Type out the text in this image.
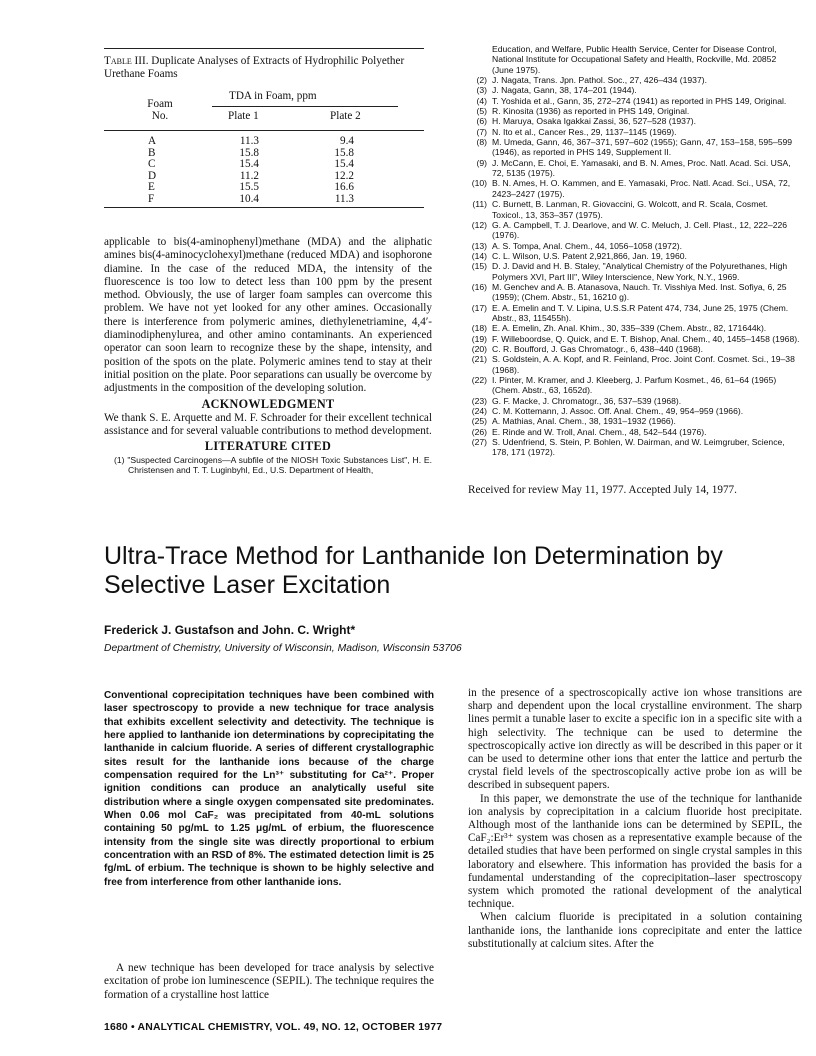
Table III. Duplicate Analyses of Extracts of Hydrophilic Polyether Urethane Foams

Foam
No.
TDA in Foam, ppm
Plate 1	Plate 2
A	11.3	9.4
B	15.8	15.8
C	15.4	15.4
D	11.2	12.2
E	15.5	16.6
F	10.4	11.3

applicable to bis(4-aminophenyl)methane (MDA) and the aliphatic amines bis(4-aminocyclohexyl)methane (reduced MDA) and isophorone diamine. In the case of the reduced MDA, the intensity of the fluorescence is too low to detect less than 100 ppm by the present method. Obviously, the use of larger foam samples can overcome this problem. We have not yet looked for any other amines. Occasionally there is interference from polymeric amines, diethylenetriamine, 4,4′-diaminodiphenylurea, and other amino contaminants. An experienced operator can soon learn to recognize these by the shape, intensity, and position of the spots on the plate. Polymeric amines tend to stay at their initial position on the plate. Poor separations can usually be overcome by adjustments in the composition of the developing solution.

ACKNOWLEDGMENT

We thank S. E. Arquette and M. F. Schroader for their excellent technical assistance and for several valuable contributions to method development.

LITERATURE CITED
(1) "Suspected Carcinogens—A subfile of the NIOSH Toxic Substances List", H. E. Christensen and T. T. Luginbyhl, Ed., U.S. Department of Health,
Education, and Welfare, Public Health Service, Center for Disease Control, National Institute for Occupational Safety and Health, Rockville, Md. 20852 (June 1975).
(2) J. Nagata, Trans. Jpn. Pathol. Soc., 27, 426–434 (1937).
(3) J. Nagata, Gann, 38, 174–201 (1944).
(4) T. Yoshida et al., Gann, 35, 272–274 (1941) as reported in PHS 149, Original.
(5) R. Kinosita (1936) as reported in PHS 149, Original.
(6) H. Maruya, Osaka Igakkai Zassi, 36, 527–528 (1937).
(7) N. Ito et al., Cancer Res., 29, 1137–1145 (1969).
(8) M. Umeda, Gann, 46, 367–371, 597–602 (1955); Gann, 47, 153–158, 595–599 (1946), as reported in PHS 149, Supplement II.
(9) J. McCann, E. Choi, E. Yamasaki, and B. N. Ames, Proc. Natl. Acad. Sci. USA, 72, 5135 (1975).
(10) B. N. Ames, H. O. Kammen, and E. Yamasaki, Proc. Natl. Acad. Sci., USA, 72, 2423–2427 (1975).
(11) C. Burnett, B. Lanman, R. Giovaccini, G. Wolcott, and R. Scala, Cosmet. Toxicol., 13, 353–357 (1975).
(12) G. A. Campbell, T. J. Dearlove, and W. C. Meluch, J. Cell. Plast., 12, 222–226 (1976).
(13) A. S. Tompa, Anal. Chem., 44, 1056–1058 (1972).
(14) C. L. Wilson, U.S. Patent 2,921,866, Jan. 19, 1960.
(15) D. J. David and H. B. Staley, "Analytical Chemistry of the Polyurethanes, High Polymers XVI, Part III", Wiley Interscience, New York, N.Y., 1969.
(16) M. Genchev and A. B. Atanasova, Nauch. Tr. Visshiya Med. Inst. Sofiya, 6, 25 (1959); (Chem. Abstr., 51, 16210 g).
(17) E. A. Emelin and T. V. Lipina, U.S.S.R Patent 474, 734, June 25, 1975 (Chem. Abstr., 83, 115455h).
(18) E. A. Emelin, Zh. Anal. Khim., 30, 335–339 (Chem. Abstr., 82, 171644k).
(19) F. Willeboordse, Q. Quick, and E. T. Bishop, Anal. Chem., 40, 1455–1458 (1968).
(20) C. R. Boufford, J. Gas Chromatogr., 6, 438–440 (1968).
(21) S. Goldstein, A. A. Kopf, and R. Feinland, Proc. Joint Conf. Cosmet. Sci., 19–38 (1968).
(22) I. Pinter, M. Kramer, and J. Kleeberg, J. Parfum Kosmet., 46, 61–64 (1965) (Chem. Abstr., 63, 1652d).
(23) G. F. Macke, J. Chromatogr., 36, 537–539 (1968).
(24) C. M. Kottemann, J. Assoc. Off. Anal. Chem., 49, 954–959 (1966).
(25) A. Mathias, Anal. Chem., 38, 1931–1932 (1966).
(26) E. Rinde and W. Troll, Anal. Chem., 48, 542–544 (1976).
(27) S. Udenfriend, S. Stein, P. Bohlen, W. Dairman, and W. Leimgruber, Science, 178, 171 (1972).
Received for review May 11, 1977. Accepted July 14, 1977.
Ultra-Trace Method for Lanthanide Ion Determination by Selective Laser Excitation
Frederick J. Gustafson and John. C. Wright*
Department of Chemistry, University of Wisconsin, Madison, Wisconsin 53706
Conventional coprecipitation techniques have been combined with laser spectroscopy to provide a new technique for trace analysis that exhibits excellent selectivity and detectivity. The technique is here applied to lanthanide ion determinations by coprecipitating the lanthanide in calcium fluoride. A series of different crystallographic sites result for the lanthanide ions because of the charge compensation required for the Ln³⁺ substituting for Ca²⁺. Proper ignition conditions can produce an analytically useful site distribution where a single oxygen compensated site predominates. When 0.06 mol CaF₂ was precipitated from 40-mL solutions containing 50 pg/mL to 1.25 μg/mL of erbium, the fluorescence intensity from the single site was directly proportional to erbium concentration with an RSD of 8%. The estimated detection limit is 25 fg/mL of erbium. The technique is shown to be highly selective and free from interference from other lanthanide ions.
A new technique has been developed for trace analysis by selective excitation of probe ion luminescence (SEPIL). The technique requires the formation of a crystalline host lattice

in the presence of a spectroscopically active ion whose transitions are sharp and dependent upon the local crystalline environment. The sharp lines permit a tunable laser to excite a specific ion in a specific site with a high selectivity. The technique can be used to determine the spectroscopically active ion directly as will be described in this paper or it can be used to determine other ions that enter the lattice and perturb the crystal field levels of the spectroscopically active probe ion as will be described in subsequent papers.

In this paper, we demonstrate the use of the technique for lanthanide ion analysis by coprecipitation in a calcium fluoride host precipitate. Although most of the lanthanide ions can be determined by SEPIL, the CaF₂:Er³⁺ system was chosen as a representative example because of the detailed studies that have been performed on single crystal samples in this laboratory and elsewhere. This information has provided the basis for a fundamental understanding of the coprecipitation–laser spectroscopy system which promoted the rational development of the analytical technique.

When calcium fluoride is precipitated in a solution containing lanthanide ions, the lanthanide ions coprecipitate and enter the lattice substitutionally at calcium sites. After the

1680 • ANALYTICAL CHEMISTRY, VOL. 49, NO. 12, OCTOBER 1977
